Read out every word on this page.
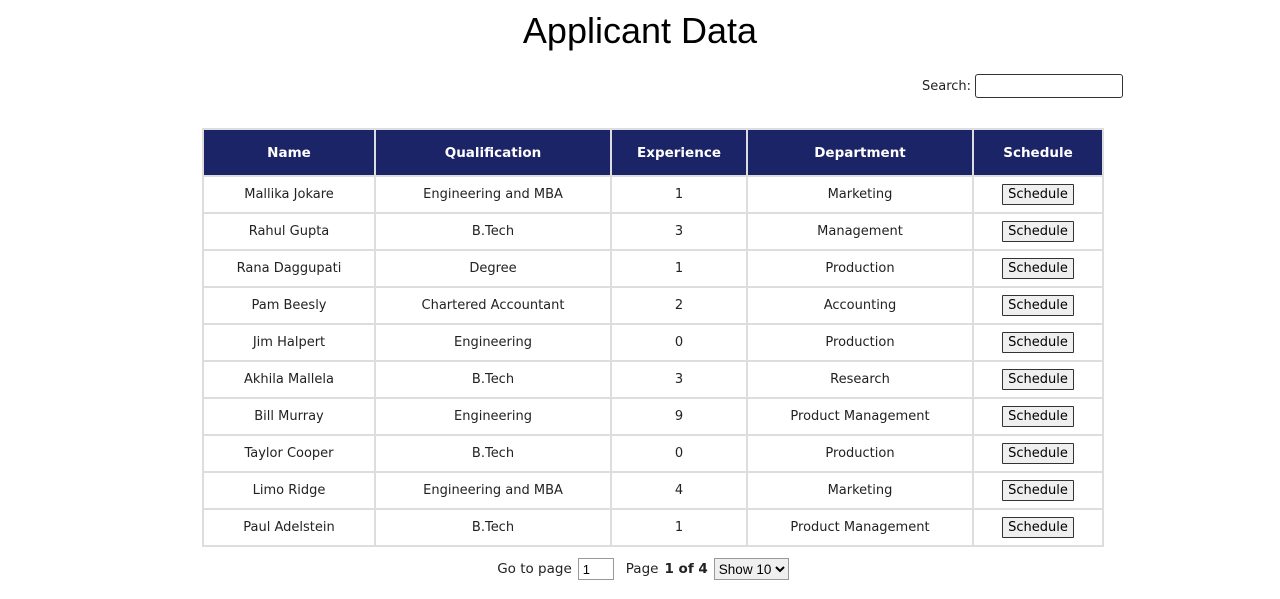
Applicant Data
Search:
Name	Qualification	Experience	Department	Schedule
Mallika Jokare	Engineering and MBA	1	Marketing	Schedule
Rahul Gupta	B.Tech	3	Management	Schedule
Rana Daggupati	Degree	1	Production	Schedule
Pam Beesly	Chartered Accountant	2	Accounting	Schedule
Jim Halpert	Engineering	0	Production	Schedule
Akhila Mallela	B.Tech	3	Research	Schedule
Bill Murray	Engineering	9	Product Management	Schedule
Taylor Cooper	B.Tech	0	Production	Schedule
Limo Ridge	Engineering and MBA	4	Marketing	Schedule
Paul Adelstein	B.Tech	1	Product Management	Schedule
Go to page
1	Page 1 of 4
Show 10
